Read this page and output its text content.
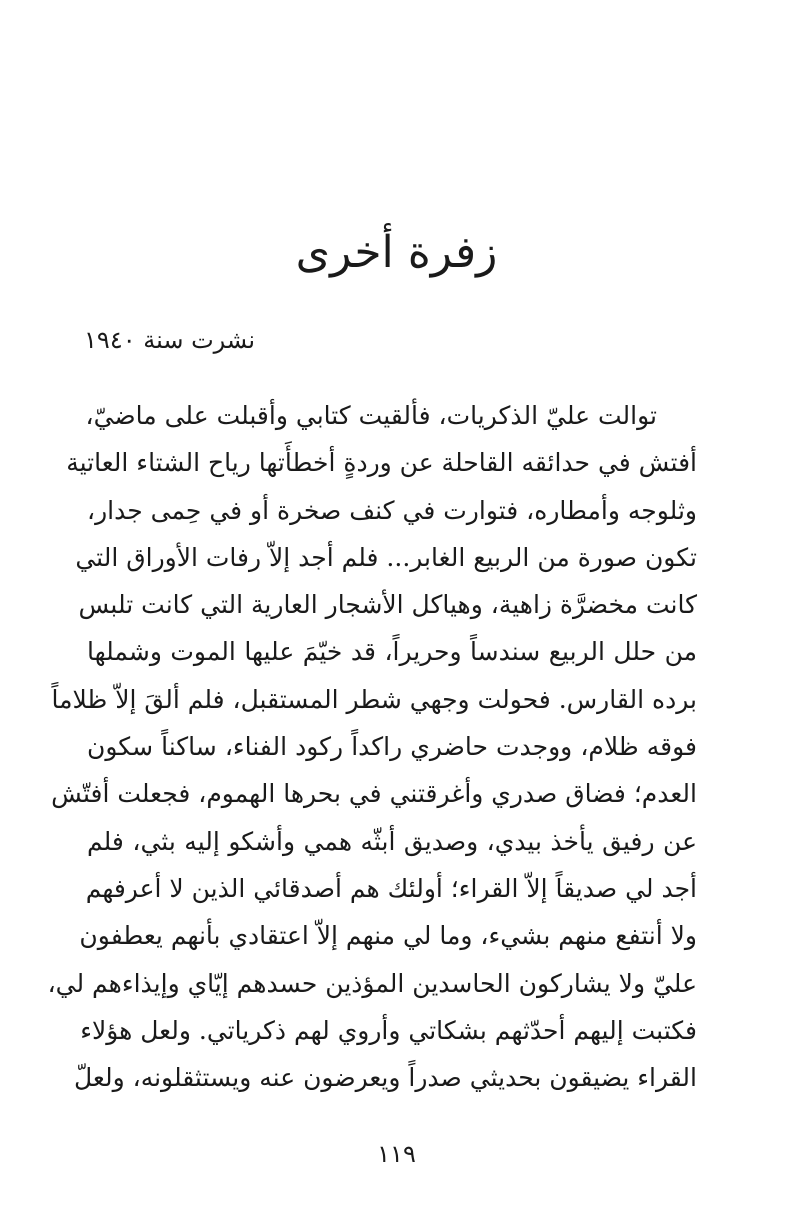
زفرة أخرى
نشرت سنة ١٩٤٠
توالت عليّ الذكريات، فألقيت كتابي وأقبلت على ماضيّ،
أفتش في حدائقه القاحلة عن وردةٍ أخطأَتها رياح الشتاء العاتية
وثلوجه وأمطاره، فتوارت في كنف صخرة أو في حِمى جدار،
تكون صورة من الربيع الغابر... فلم أجد إلاّ رفات الأوراق التي
كانت مخضرَّة زاهية، وهياكل الأشجار العارية التي كانت تلبس
من حلل الربيع سندساً وحريراً، قد خيّمَ عليها الموت وشملها
برده القارس. فحولت وجهي شطر المستقبل، فلم ألقَ إلاّ ظلاماً
فوقه ظلام، ووجدت حاضري راكداً ركود الفناء، ساكناً سكون
العدم؛ فضاق صدري وأغرقتني في بحرها الهموم، فجعلت أفتّش
عن رفيق يأخذ بيدي، وصديق أبثّه همي وأشكو إليه بثي، فلم
أجد لي صديقاً إلاّ القراء؛ أولئك هم أصدقائي الذين لا أعرفهم
ولا أنتفع منهم بشيء، وما لي منهم إلاّ اعتقادي بأنهم يعطفون
عليّ ولا يشاركون الحاسدين المؤذين حسدهم إيّاي وإيذاءهم لي،
فكتبت إليهم أحدّثهم بشكاتي وأروي لهم ذكرياتي. ولعل هؤلاء
القراء يضيقون بحديثي صدراً ويعرضون عنه ويستثقلونه، ولعلّ
١١٩
